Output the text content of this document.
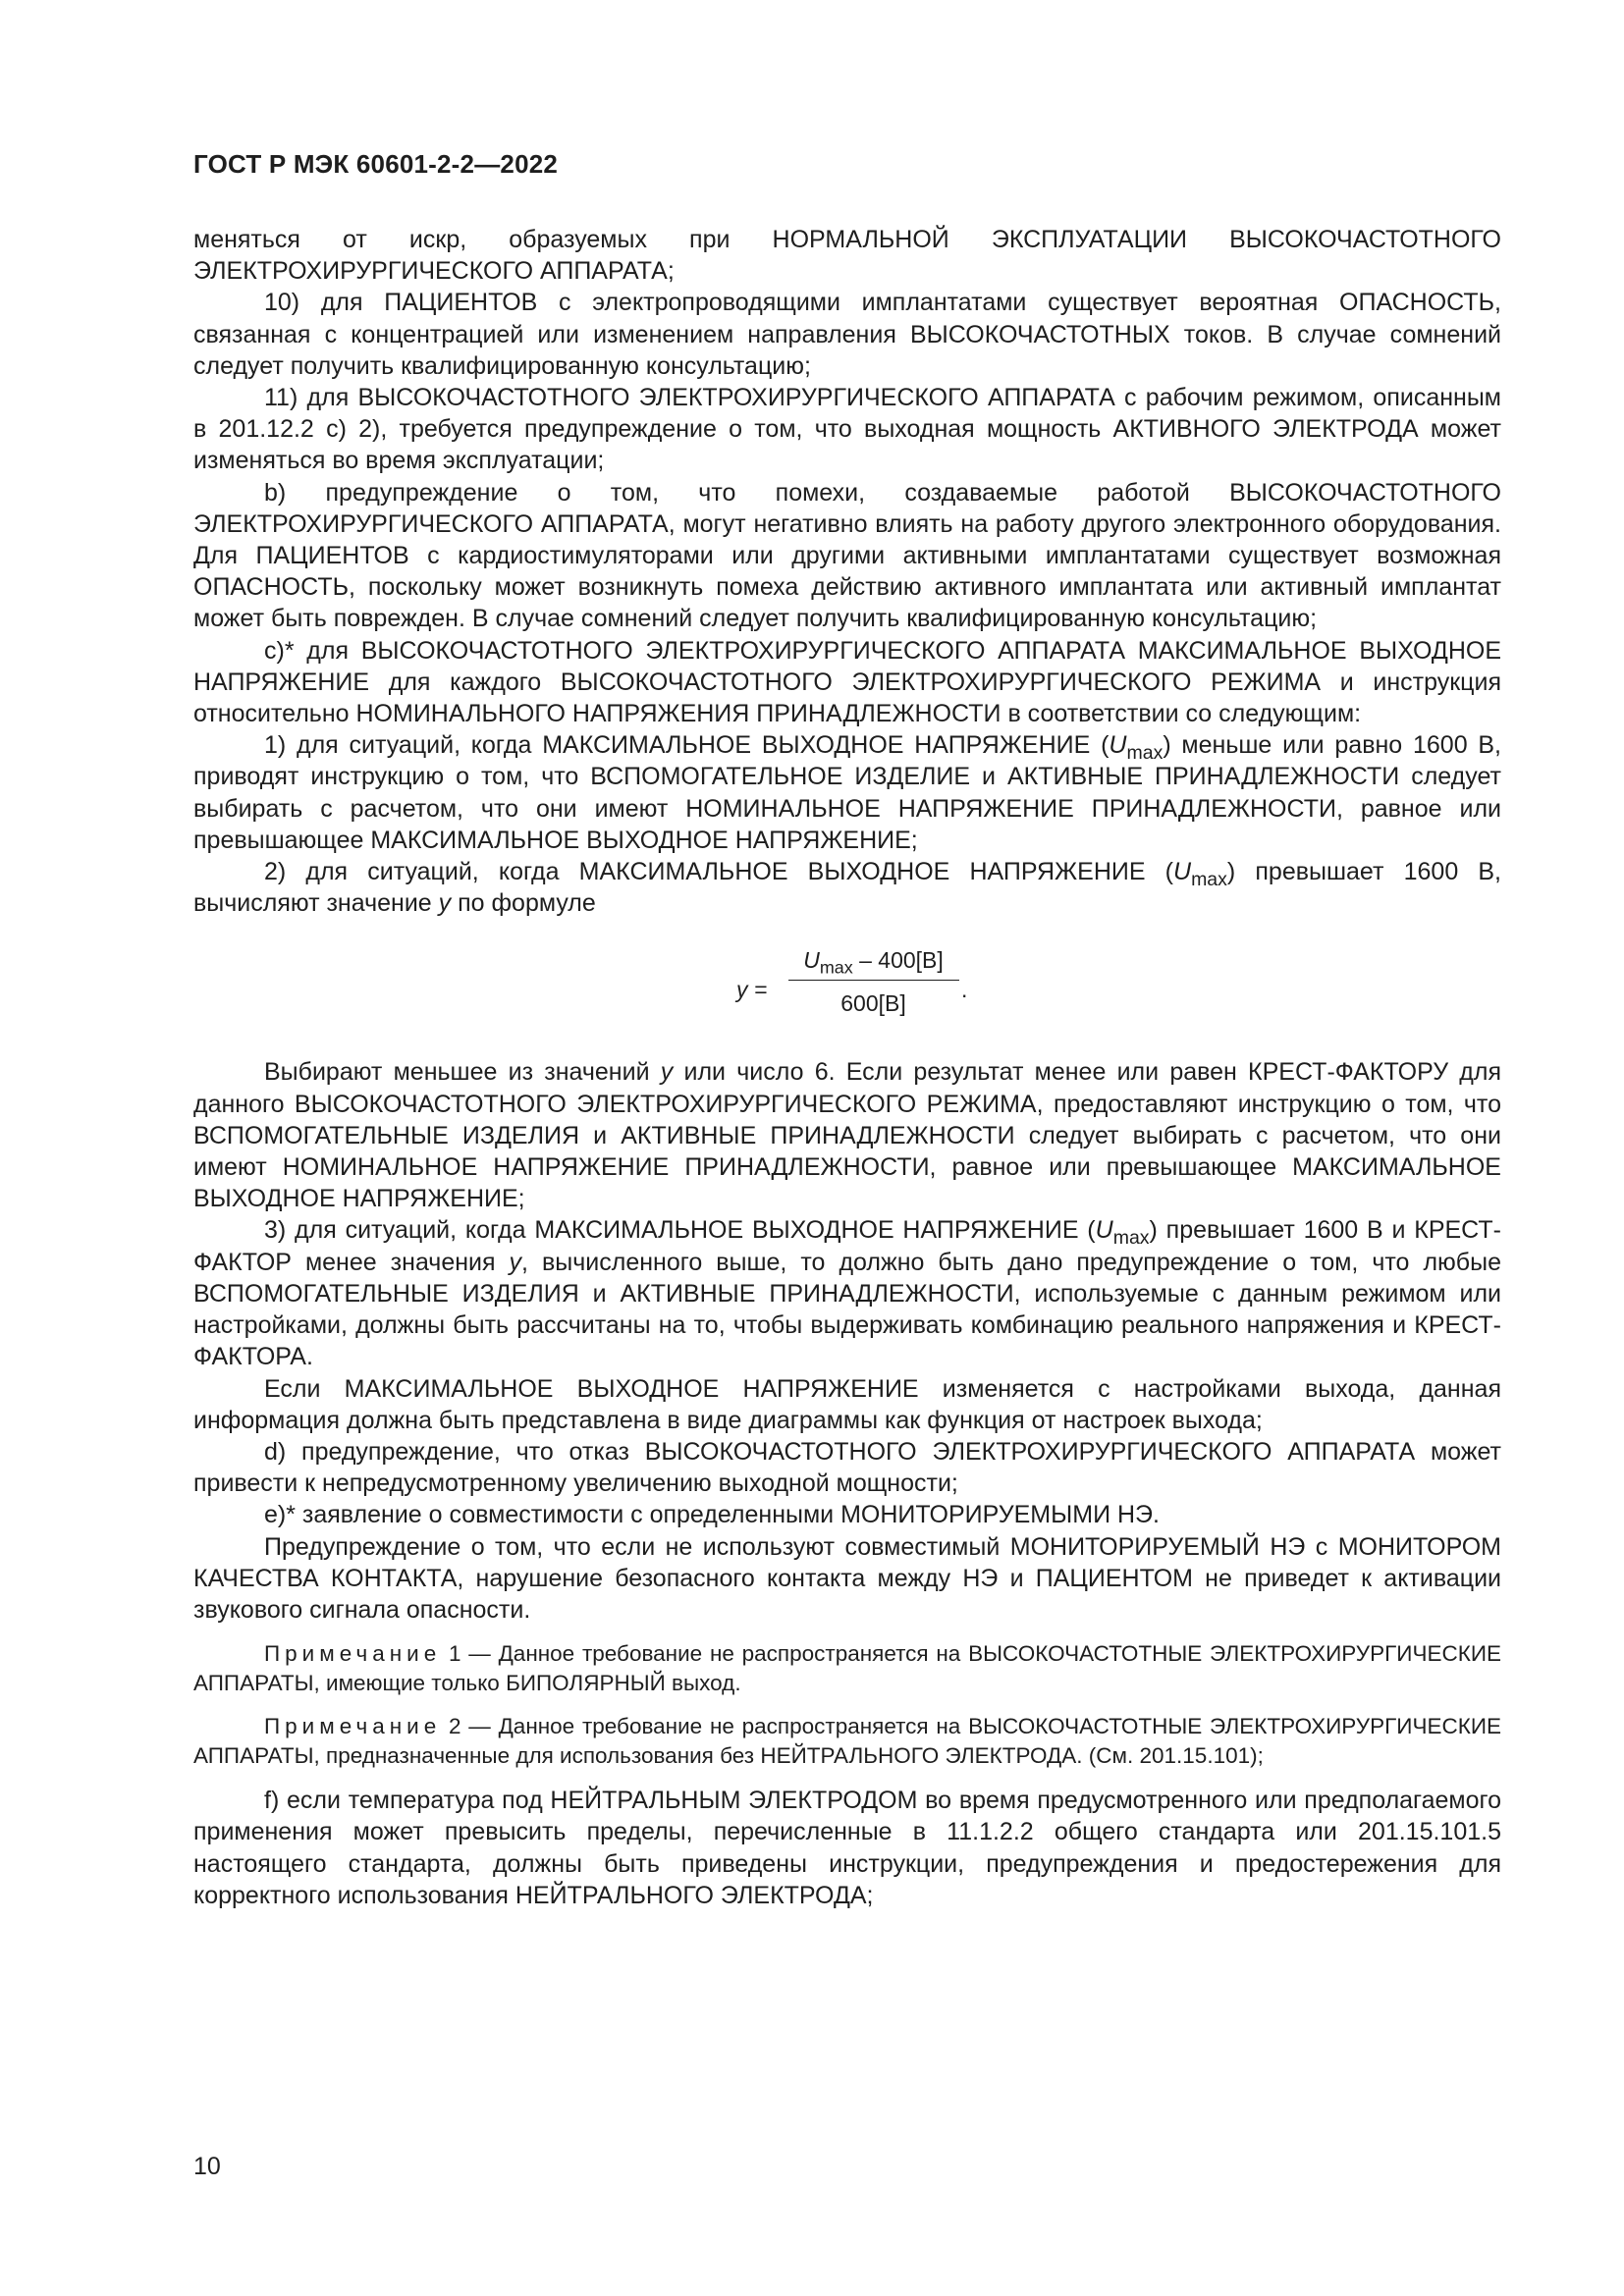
ГОСТ Р МЭК 60601-2-2—2022

меняться от искр, образуемых при НОРМАЛЬНОЙ ЭКСПЛУАТАЦИИ ВЫСОКОЧАСТОТНОГО ЭЛЕКТРОХИРУРГИЧЕСКОГО АППАРАТА;

10) для ПАЦИЕНТОВ с электропроводящими имплантатами существует вероятная ОПАСНОСТЬ, связанная с концентрацией или изменением направления ВЫСОКОЧАСТОТНЫХ токов. В случае сомнений следует получить квалифицированную консультацию;

11) для ВЫСОКОЧАСТОТНОГО ЭЛЕКТРОХИРУРГИЧЕСКОГО АППАРАТА с рабочим режимом, описанным в 201.12.2 с) 2), требуется предупреждение о том, что выходная мощность АКТИВНОГО ЭЛЕКТРОДА может изменяться во время эксплуатации;

b) предупреждение о том, что помехи, создаваемые работой ВЫСОКОЧАСТОТНОГО ЭЛЕКТРОХИРУРГИЧЕСКОГО АППАРАТА, могут негативно влиять на работу другого электронного оборудования. Для ПАЦИЕНТОВ с кардиостимуляторами или другими активными имплантатами существует возможная ОПАСНОСТЬ, поскольку может возникнуть помеха действию активного имплантата или активный имплантат может быть поврежден. В случае сомнений следует получить квалифицированную консультацию;

c)* для ВЫСОКОЧАСТОТНОГО ЭЛЕКТРОХИРУРГИЧЕСКОГО АППАРАТА МАКСИМАЛЬНОЕ ВЫХОДНОЕ НАПРЯЖЕНИЕ для каждого ВЫСОКОЧАСТОТНОГО ЭЛЕКТРОХИРУРГИЧЕСКОГО РЕЖИМА и инструкция относительно НОМИНАЛЬНОГО НАПРЯЖЕНИЯ ПРИНАДЛЕЖНОСТИ в соответствии со следующим:

1) для ситуаций, когда МАКСИМАЛЬНОЕ ВЫХОДНОЕ НАПРЯЖЕНИЕ $(U_{max})$ меньше или равно 1600 В, приводят инструкцию о том, что ВСПОМОГАТЕЛЬНОЕ ИЗДЕЛИЕ и АКТИВНЫЕ ПРИНАДЛЕЖНОСТИ следует выбирать с расчетом, что они имеют НОМИНАЛЬНОЕ НАПРЯЖЕНИЕ ПРИНАДЛЕЖНОСТИ, равное или превышающее МАКСИМАЛЬНОЕ ВЫХОДНОЕ НАПРЯЖЕНИЕ;

2) для ситуаций, когда МАКСИМАЛЬНОЕ ВЫХОДНОЕ НАПРЯЖЕНИЕ $(U_{max})$ превышает 1600 В, вычисляют значение y по формуле

y =
$U_{max} - 400[В]$
600[В]
.

Выбирают меньшее из значений y или число 6. Если результат менее или равен КРЕСТ-ФАКТОРУ для данного ВЫСОКОЧАСТОТНОГО ЭЛЕКТРОХИРУРГИЧЕСКОГО РЕЖИМА, предоставляют инструкцию о том, что ВСПОМОГАТЕЛЬНЫЕ ИЗДЕЛИЯ и АКТИВНЫЕ ПРИНАДЛЕЖНОСТИ следует выбирать с расчетом, что они имеют НОМИНАЛЬНОЕ НАПРЯЖЕНИЕ ПРИНАДЛЕЖНОСТИ, равное или превышающее МАКСИМАЛЬНОЕ ВЫХОДНОЕ НАПРЯЖЕНИЕ;

3) для ситуаций, когда МАКСИМАЛЬНОЕ ВЫХОДНОЕ НАПРЯЖЕНИЕ $(U_{max})$ превышает 1600 В и КРЕСТ-ФАКТОР менее значения y, вычисленного выше, то должно быть дано предупреждение о том, что любые ВСПОМОГАТЕЛЬНЫЕ ИЗДЕЛИЯ и АКТИВНЫЕ ПРИНАДЛЕЖНОСТИ, используемые с данным режимом или настройками, должны быть рассчитаны на то, чтобы выдерживать комбинацию реального напряжения и КРЕСТ-ФАКТОРА.

Если МАКСИМАЛЬНОЕ ВЫХОДНОЕ НАПРЯЖЕНИЕ изменяется с настройками выхода, данная информация должна быть представлена в виде диаграммы как функция от настроек выхода;

d) предупреждение, что отказ ВЫСОКОЧАСТОТНОГО ЭЛЕКТРОХИРУРГИЧЕСКОГО АППАРАТА может привести к непредусмотренному увеличению выходной мощности;

e)* заявление о совместимости с определенными МОНИТОРИРУЕМЫМИ НЭ.

Предупреждение о том, что если не используют совместимый МОНИТОРИРУЕМЫЙ НЭ с МОНИТОРОМ КАЧЕСТВА КОНТАКТА, нарушение безопасного контакта между НЭ и ПАЦИЕНТОМ не приведет к активации звукового сигнала опасности.

Примечание 1 — Данное требование не распространяется на ВЫСОКОЧАСТОТНЫЕ ЭЛЕКТРОХИРУРГИЧЕСКИЕ АППАРАТЫ, имеющие только БИПОЛЯРНЫЙ выход.

Примечание 2 — Данное требование не распространяется на ВЫСОКОЧАСТОТНЫЕ ЭЛЕКТРОХИРУРГИЧЕСКИЕ АППАРАТЫ, предназначенные для использования без НЕЙТРАЛЬНОГО ЭЛЕКТРОДА. (См. 201.15.101);

f) если температура под НЕЙТРАЛЬНЫМ ЭЛЕКТРОДОМ во время предусмотренного или предполагаемого применения может превысить пределы, перечисленные в 11.1.2.2 общего стандарта или 201.15.101.5 настоящего стандарта, должны быть приведены инструкции, предупреждения и предостережения для корректного использования НЕЙТРАЛЬНОГО ЭЛЕКТРОДА;

10
